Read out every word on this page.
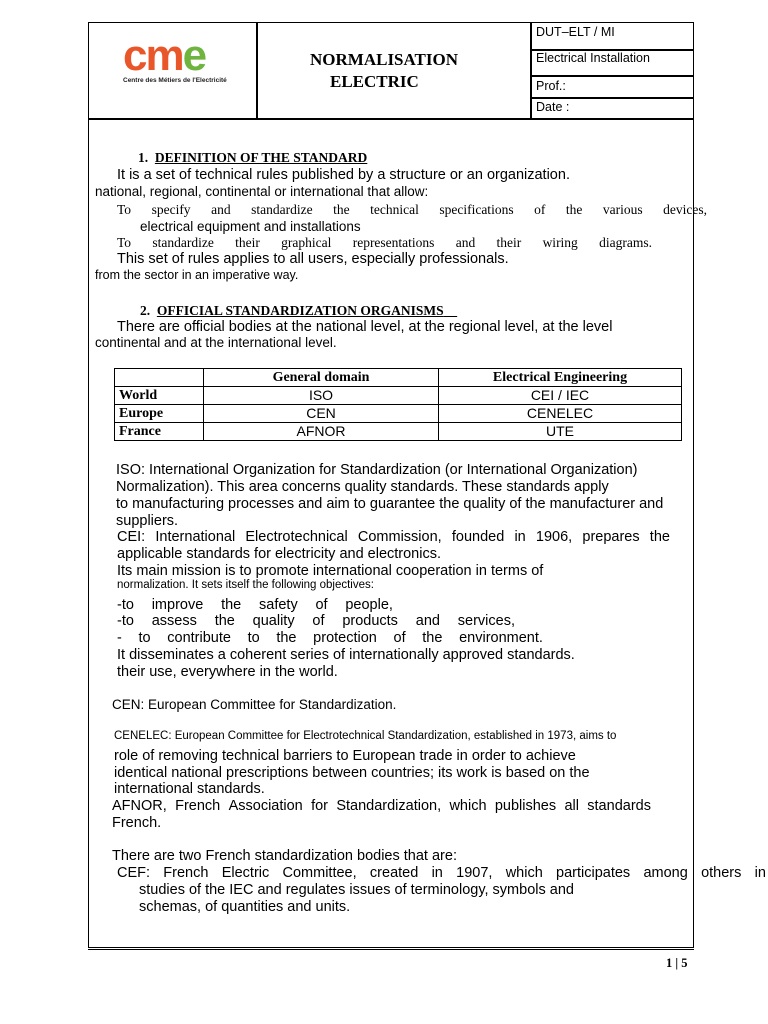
cme
Centre des Métiers de l'Electricité
NORMALISATION
ELECTRIC
DUT–ELT / MI
Electrical Installation
Prof.:
Date :
1. DEFINITION OF THE STANDARD
It is a set of technical rules published by a structure or an organization.
national, regional, continental or international that allow:
To specify and standardize the technical specifications of the various devices,
electrical equipment and installations
To standardize their graphical representations and their wiring diagrams.
This set of rules applies to all users, especially professionals.
from the sector in an imperative way.
2. OFFICIAL STANDARDIZATION ORGANISMS
There are official bodies at the national level, at the regional level, at the level
continental and at the international level.
	General domain	Electrical Engineering
World	ISO	CEI / IEC
Europe	CEN	CENELEC
France	AFNOR	UTE
ISO: International Organization for Standardization (or International Organization)
Normalization). This area concerns quality standards. These standards apply
to manufacturing processes and aim to guarantee the quality of the manufacturer and
suppliers.
CEI: International Electrotechnical Commission, founded in 1906, prepares the
applicable standards for electricity and electronics.
Its main mission is to promote international cooperation in terms of
normalization. It sets itself the following objectives:
-to improve the safety of people,
-to assess the quality of products and services,
- to contribute to the protection of the environment.
It disseminates a coherent series of internationally approved standards.
their use, everywhere in the world.
CEN: European Committee for Standardization.
CENELEC: European Committee for Electrotechnical Standardization, established in 1973, aims to
role of removing technical barriers to European trade in order to achieve
identical national prescriptions between countries; its work is based on the
international standards.
AFNOR, French Association for Standardization, which publishes all standards
French.
There are two French standardization bodies that are:
CEF: French Electric Committee, created in 1907, which participates among others in
studies of the IEC and regulates issues of terminology, symbols and
schemas, of quantities and units.
1 | 5
